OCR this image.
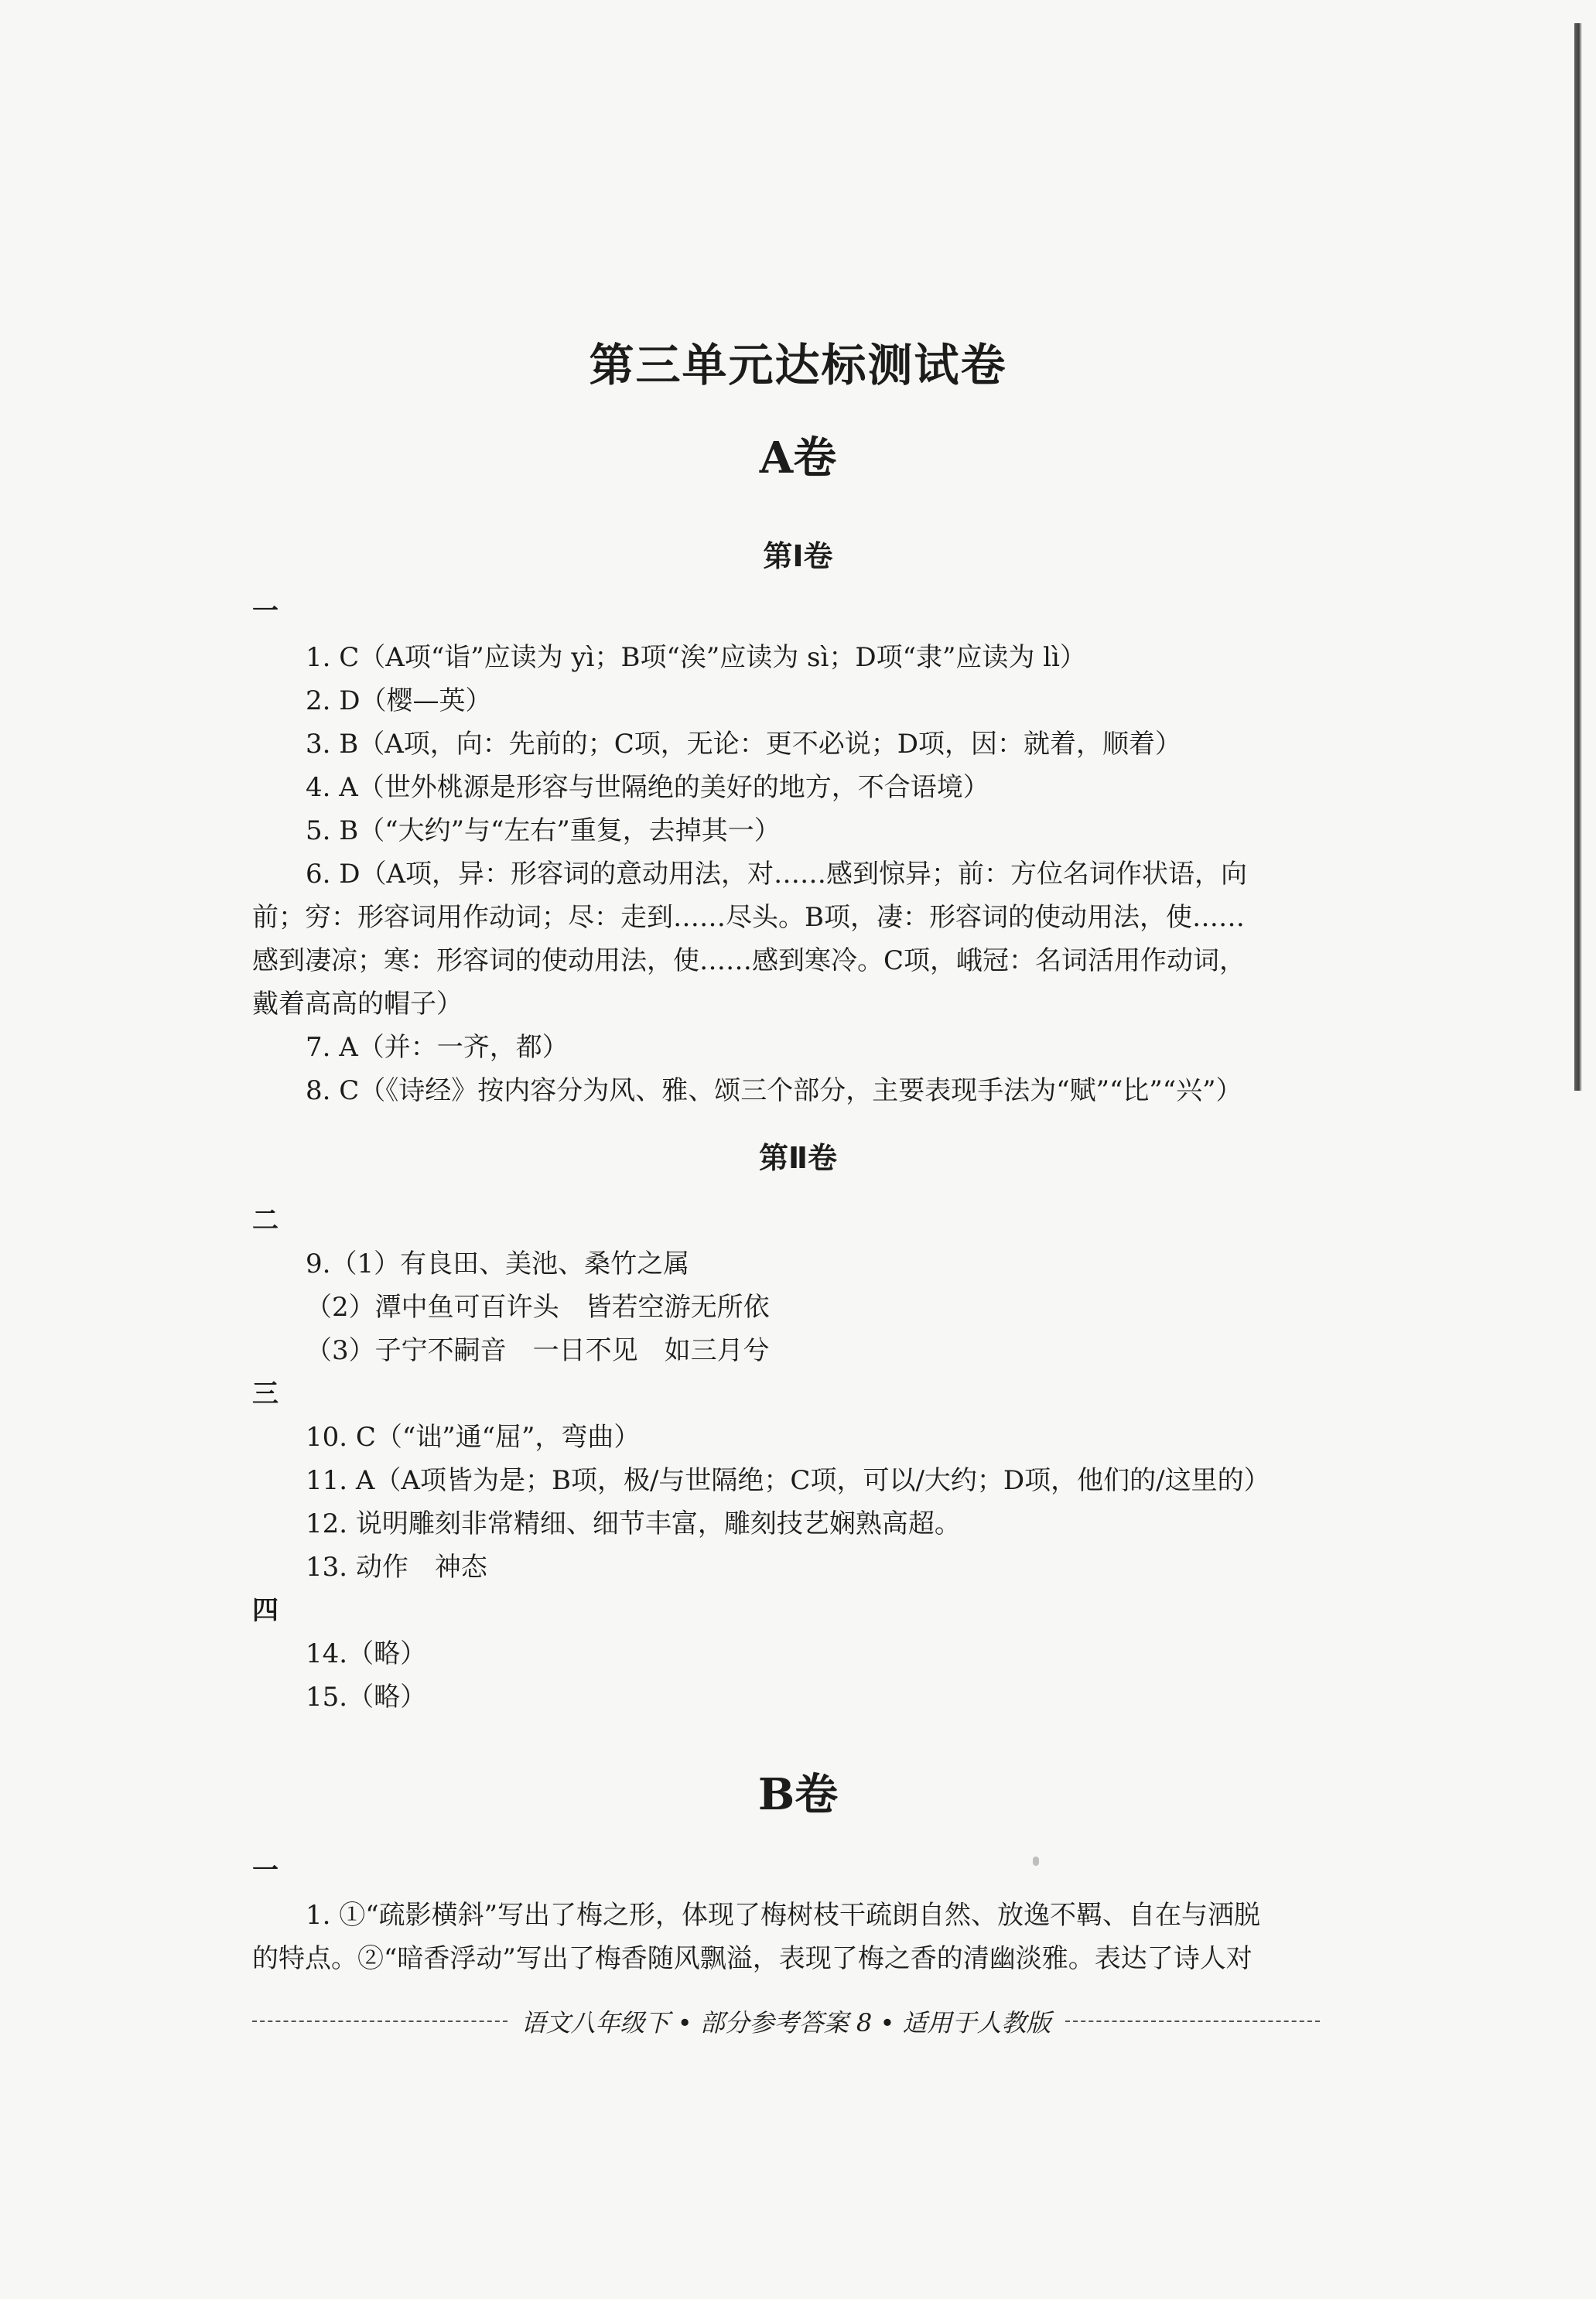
第三单元达标测试卷
A卷
第Ⅰ卷
一
1. C（A项“诣”应读为 yì；B项“涘”应读为 sì；D项“隶”应读为 lì）
2. D（樱—英）
3. B（A项，向：先前的；C项，无论：更不必说；D项，因：就着，顺着）
4. A（世外桃源是形容与世隔绝的美好的地方，不合语境）
5. B（“大约”与“左右”重复，去掉其一）
6. D（A项，异：形容词的意动用法，对……感到惊异；前：方位名词作状语，向
前；穷：形容词用作动词；尽：走到……尽头。B项，凄：形容词的使动用法，使……
感到凄凉；寒：形容词的使动用法，使……感到寒冷。C项，峨冠：名词活用作动词，
戴着高高的帽子）
7. A（并：一齐，都）
8. C（《诗经》按内容分为风、雅、颂三个部分，主要表现手法为“赋”“比”“兴”）
第Ⅱ卷
二
9.（1）有良田、美池、桑竹之属
（2）潭中鱼可百许头　皆若空游无所依
（3）子宁不嗣音　一日不见　如三月兮
三
10. C（“诎”通“屈”，弯曲）
11. A（A项皆为是；B项，极/与世隔绝；C项，可以/大约；D项，他们的/这里的）
12. 说明雕刻非常精细、细节丰富，雕刻技艺娴熟高超。
13. 动作　神态
四
14.（略）
15.（略）
B卷
一
1. ①“疏影横斜”写出了梅之形，体现了梅树枝干疏朗自然、放逸不羁、自在与洒脱
的特点。②“暗香浮动”写出了梅香随风飘溢，表现了梅之香的清幽淡雅。表达了诗人对
语文八年级下 • 部分参考答案 8 • 适用于人教版
